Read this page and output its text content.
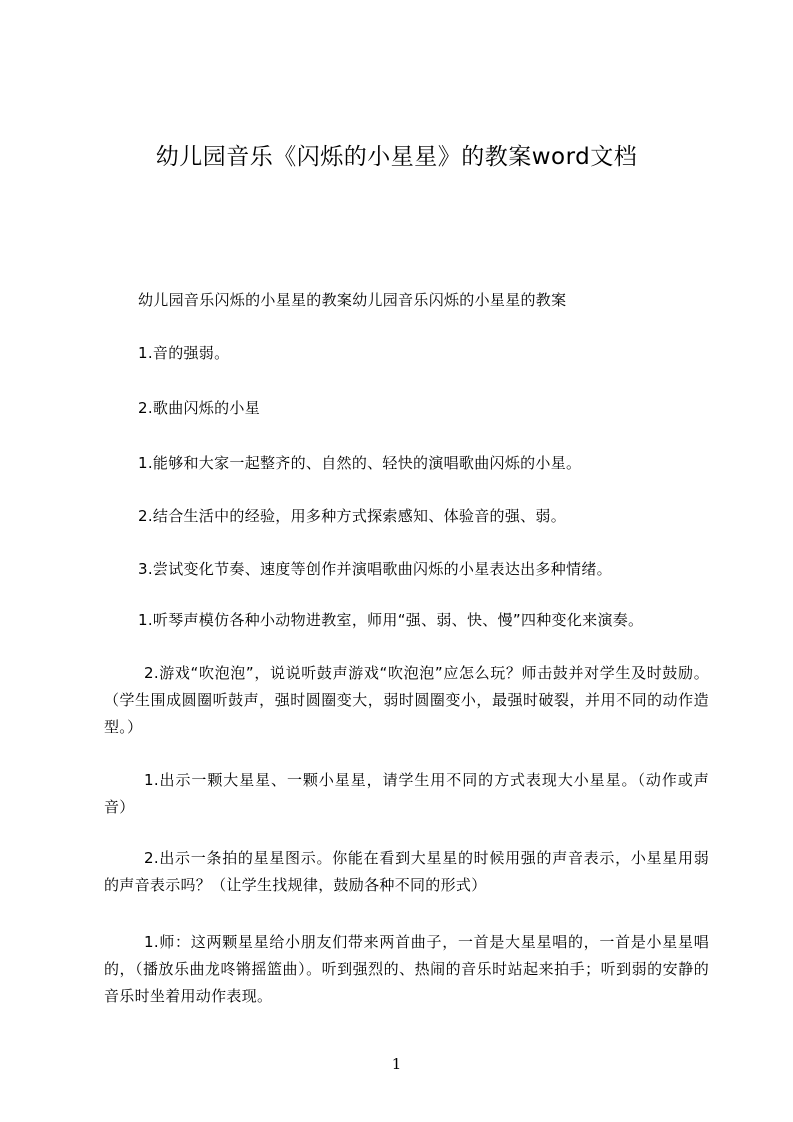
幼儿园音乐《闪烁的小星星》的教案word文档

幼儿园音乐闪烁的小星星的教案幼儿园音乐闪烁的小星星的教案

1.音的强弱。

2.歌曲闪烁的小星

1.能够和大家一起整齐的、自然的、轻快的演唱歌曲闪烁的小星。

2.结合生活中的经验，用多种方式探索感知、体验音的强、弱。

3.尝试变化节奏、速度等创作并演唱歌曲闪烁的小星表达出多种情绪。

1.听琴声模仿各种小动物进教室，师用“强、弱、快、慢”四种变化来演奏。

2.游戏“吹泡泡”，说说听鼓声游戏“吹泡泡”应怎么玩？师击鼓并对学生及时鼓励。（学生围成圆圈听鼓声，强时圆圈变大，弱时圆圈变小，最强时破裂，并用不同的动作造型。）

1.出示一颗大星星、一颗小星星，请学生用不同的方式表现大小星星。（动作或声音）

2.出示一条拍的星星图示。你能在看到大星星的时候用强的声音表示，小星星用弱的声音表示吗？（让学生找规律，鼓励各种不同的形式）

1.师：这两颗星星给小朋友们带来两首曲子，一首是大星星唱的，一首是小星星唱的，（播放乐曲龙咚锵摇篮曲）。听到强烈的、热闹的音乐时站起来拍手；听到弱的安静的音乐时坐着用动作表现。

1
